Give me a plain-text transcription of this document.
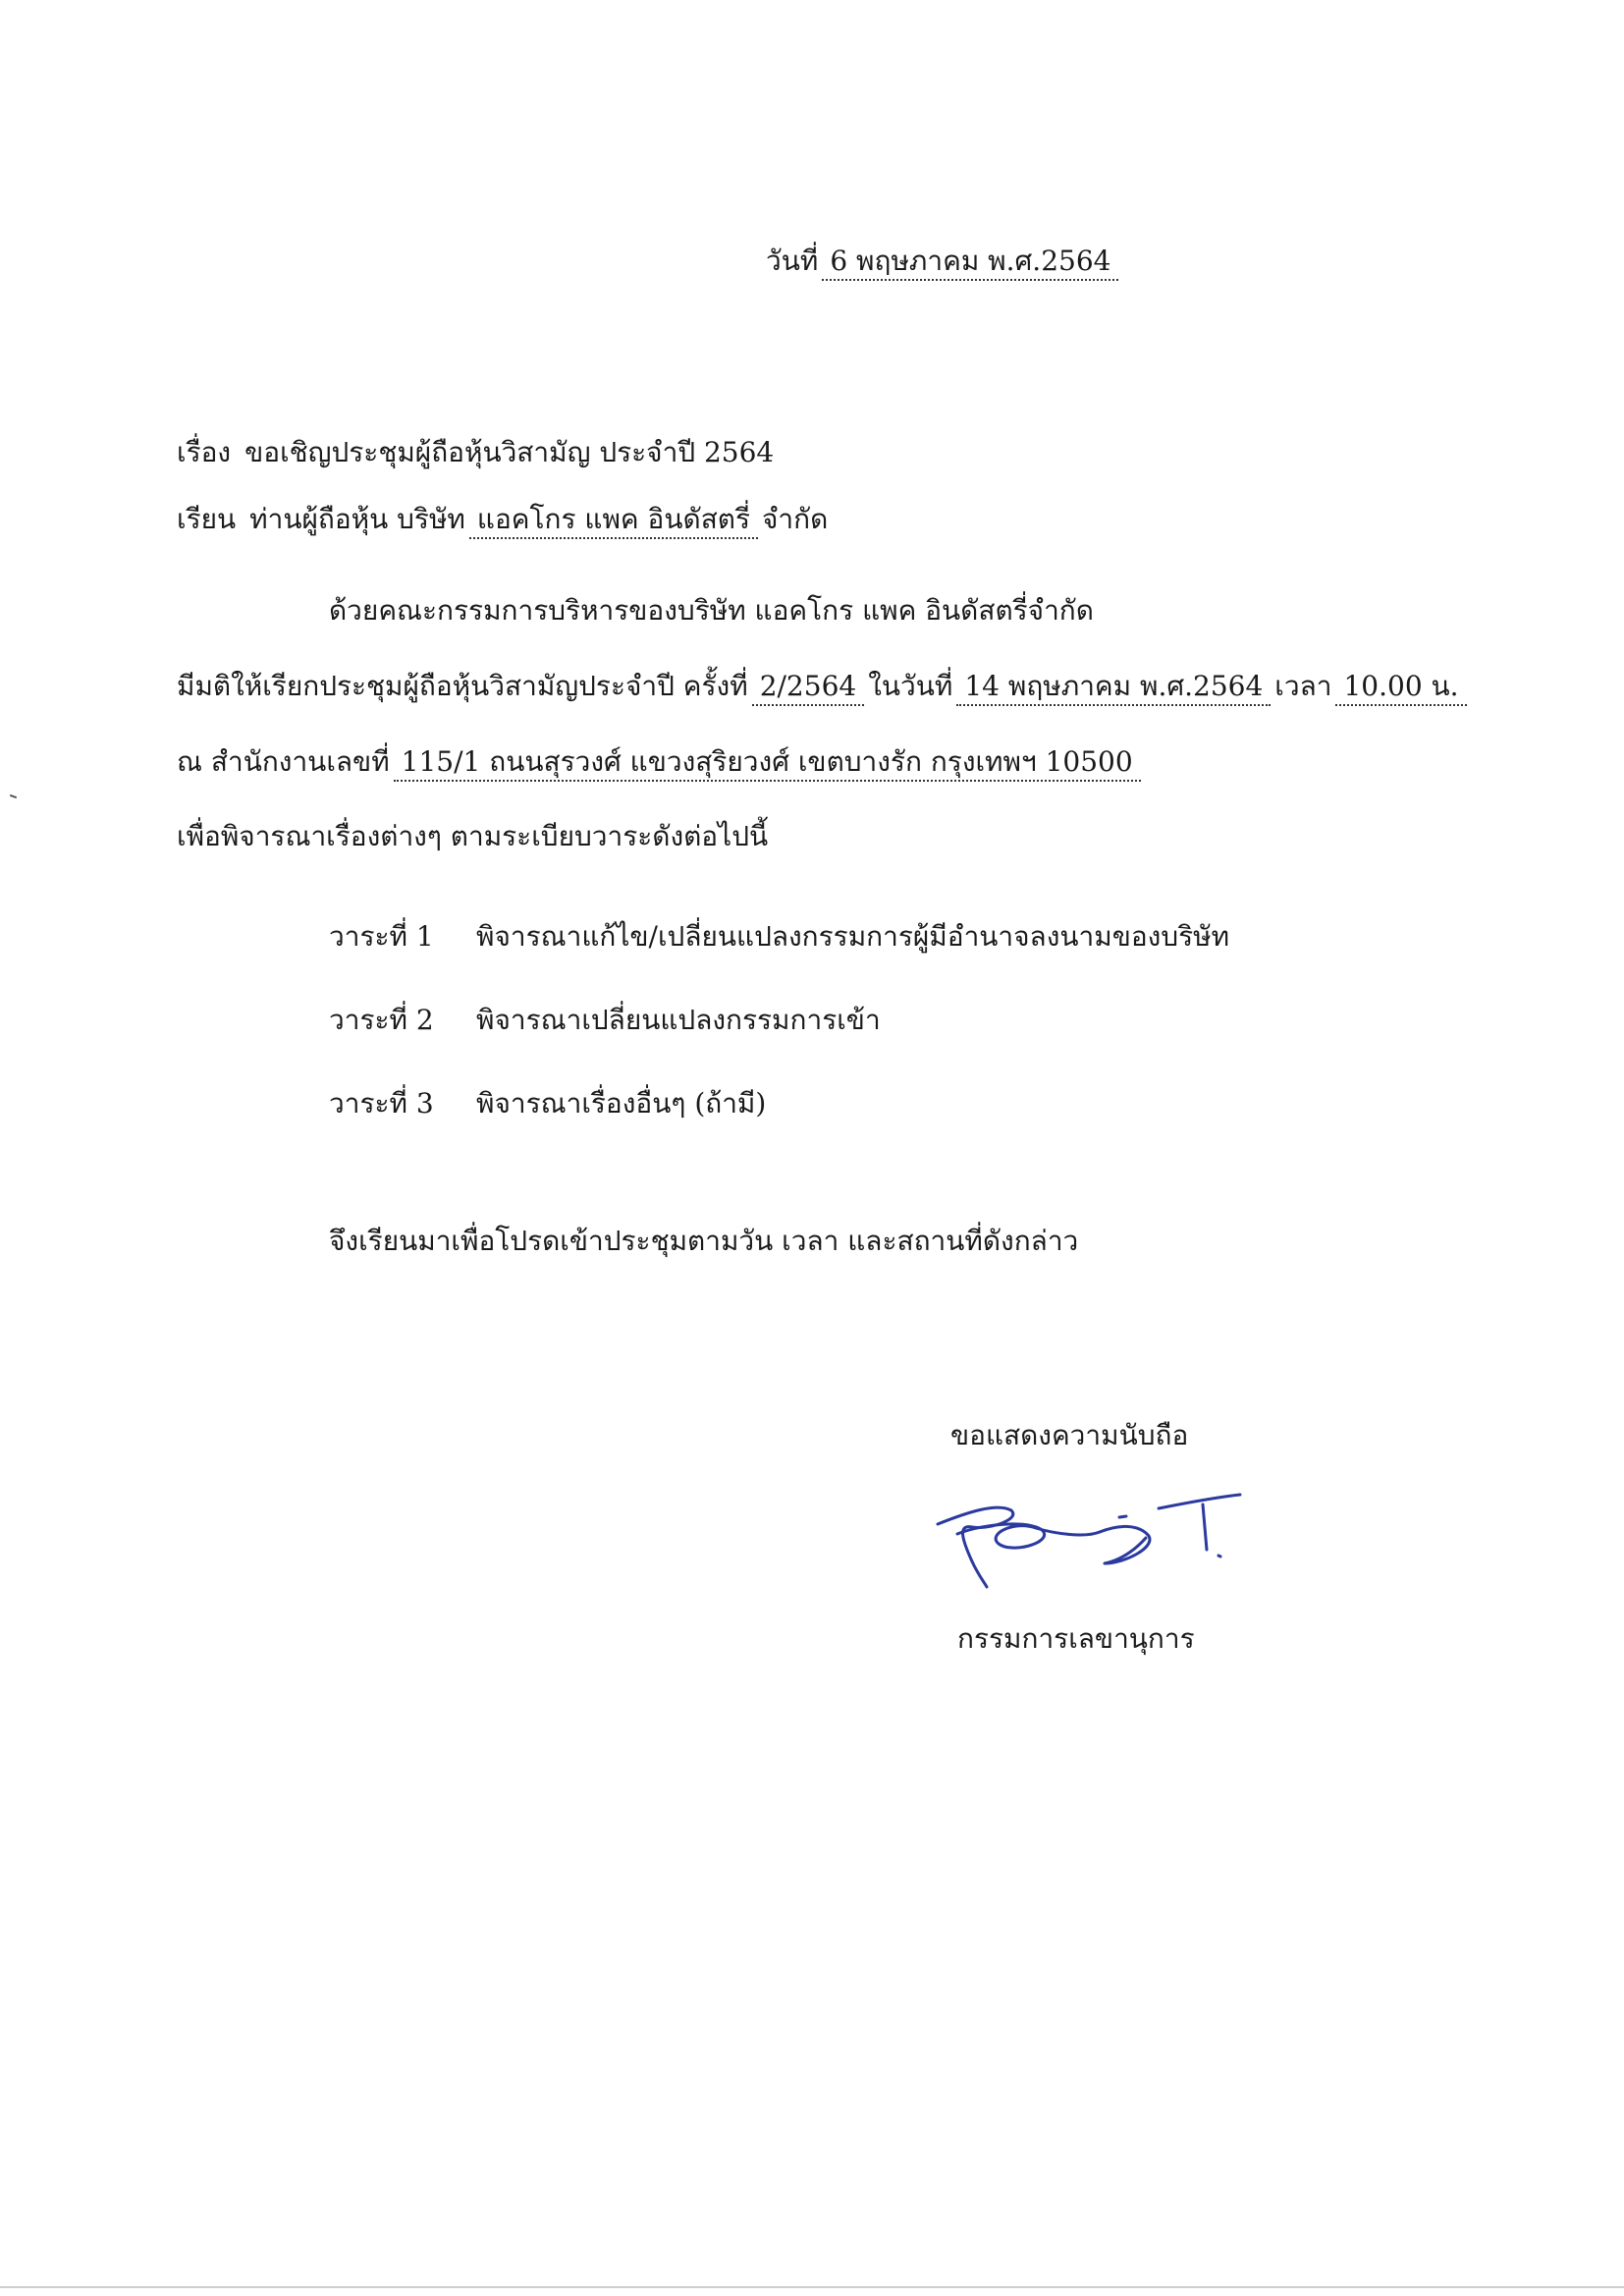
วันที่ 6 พฤษภาคม พ.ศ.2564
เรื่อง ขอเชิญประชุมผู้ถือหุ้นวิสามัญ ประจำปี 2564
เรียน ท่านผู้ถือหุ้น บริษัท แอคโกร แพค อินดัสตรี่ จำกัด
ด้วยคณะกรรมการบริหารของบริษัท แอคโกร แพค อินดัสตรี่จำกัด
มีมติให้เรียกประชุมผู้ถือหุ้นวิสามัญประจำปี ครั้งที่ 2/2564 ในวันที่ 14 พฤษภาคม พ.ศ.2564 เวลา 10.00 น.
ณ สำนักงานเลขที่ 115/1 ถนนสุรวงศ์ แขวงสุริยวงศ์ เขตบางรัก กรุงเทพฯ 10500
เพื่อพิจารณาเรื่องต่างๆ ตามระเบียบวาระดังต่อไปนี้
วาระที่ 1 พิจารณาแก้ไข/เปลี่ยนแปลงกรรมการผู้มีอำนาจลงนามของบริษัท
วาระที่ 2 พิจารณาเปลี่ยนแปลงกรรมการเข้า
วาระที่ 3 พิจารณาเรื่องอื่นๆ (ถ้ามี)
จึงเรียนมาเพื่อโปรดเข้าประชุมตามวัน เวลา และสถานที่ดังกล่าว
ขอแสดงความนับถือ
กรรมการเลขานุการ
